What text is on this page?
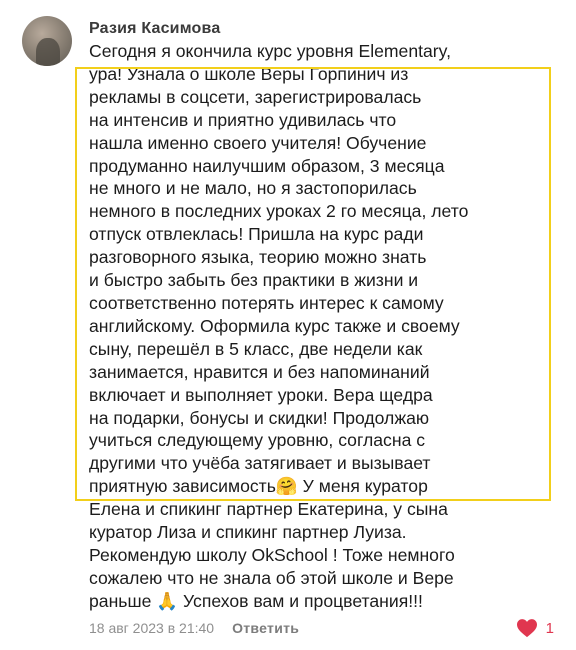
Разия Касимова

Сегодня я окончила курс уровня Elementary,
ура! Узнала о школе Веры Горпинич из
рекламы в соцсети, зарегистрировалась
на интенсив и приятно удивилась что
нашла именно своего учителя! Обучение
продуманно наилучшим образом, 3 месяца
не много и не мало, но я застопорилась
немного в последних уроках 2 го месяца, лето
отпуск отвлеклась! Пришла на курс ради
разговорного языка, теорию можно знать
и быстро забыть без практики в жизни и
соответственно потерять интерес к самому
английскому. Оформила курс также и своему
сыну, перешёл в 5 класс, две недели как
занимается, нравится и без напоминаний
включает и выполняет уроки. Вера щедра
на подарки, бонусы и скидки! Продолжаю
учиться следующему уровню, согласна с
другими что учёба затягивает и вызывает
приятную зависимость🤗 У меня куратор
Елена и спикинг партнер Екатерина, у сына
куратор Лиза и спикинг партнер Луиза.
Рекомендую школу OkSchool ! Тоже немного
сожалею что не знала об этой школе и Вере
раньше 🙏 Успехов вам и процветания!!!

18 авг 2023 в 21:40 Ответить	1
